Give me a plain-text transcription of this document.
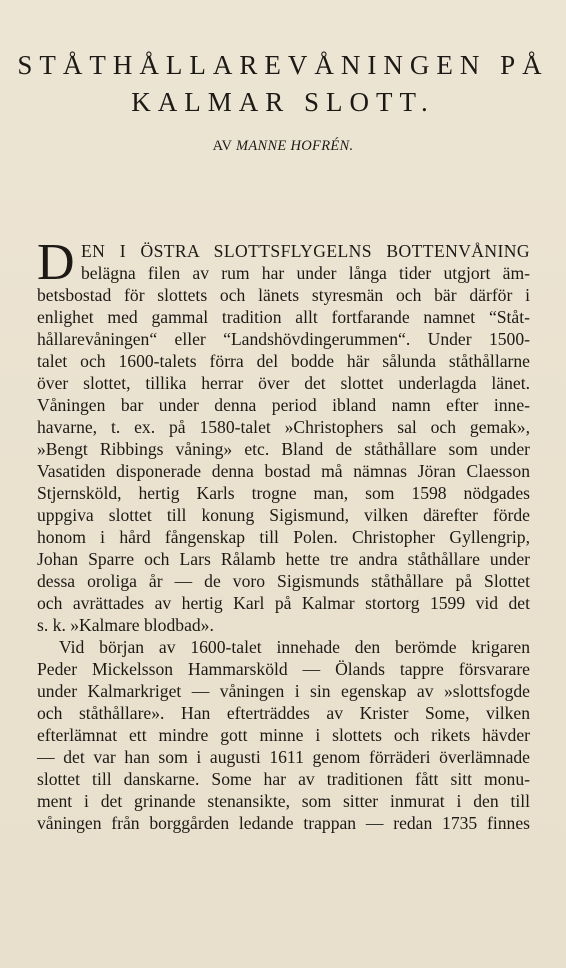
STÅTHÅLLAREVÅNINGEN PÅ
KALMAR SLOTT.
AV MANNE HOFRÉN.
D EN I ÖSTRA SLOTTSFLYGELNS BOTTENVÅNING
belägna filen av rum har under långa tider utgjort äm-
betsbostad för slottets och länets styresmän och bär därför i
enlighet med gammal tradition allt fortfarande namnet “Ståt-
hållarevåningen“ eller “Landshövdingerummen“. Under 1500-
talet och 1600-talets förra del bodde här sålunda ståthållarne
över slottet, tillika herrar över det slottet underlagda länet.
Våningen bar under denna period ibland namn efter inne-
havarne, t. ex. på 1580-talet »Christophers sal och gemak»,
»Bengt Ribbings våning» etc. Bland de ståthållare som under
Vasatiden disponerade denna bostad må nämnas Jöran Claesson
Stjernsköld, hertig Karls trogne man, som 1598 nödgades
uppgiva slottet till konung Sigismund, vilken därefter förde
honom i hård fångenskap till Polen. Christopher Gyllengrip,
Johan Sparre och Lars Rålamb hette tre andra ståthållare under
dessa oroliga år — de voro Sigismunds ståthållare på Slottet
och avrättades av hertig Karl på Kalmar stortorg 1599 vid det
s. k. »Kalmare blodbad».
Vid början av 1600-talet innehade den berömde krigaren
Peder Mickelsson Hammarsköld — Ölands tappre försvarare
under Kalmarkriget — våningen i sin egenskap av »slottsfogde
och ståthållare». Han efterträddes av Krister Some, vilken
efterlämnat ett mindre gott minne i slottets och rikets hävder
— det var han som i augusti 1611 genom förräderi överlämnade
slottet till danskarne. Some har av traditionen fått sitt monu-
ment i det grinande stenansikte, som sitter inmurat i den till
våningen från borggården ledande trappan — redan 1735 finnes
